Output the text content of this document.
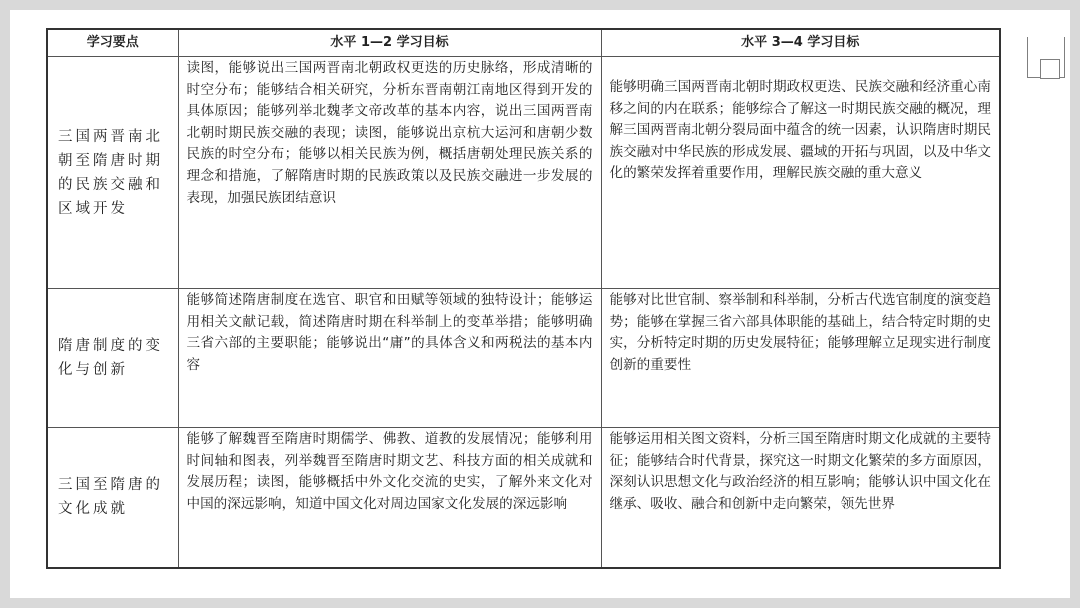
学习要点	水平 1—2 学习目标	水平 3—4 学习目标
三国两晋南北朝至隋唐时期的民族交融和区域开发	读图，能够说出三国两晋南北朝政权更迭的历史脉络，形成清晰的时空分布；能够结合相关研究，分析东晋南朝江南地区得到开发的具体原因；能够列举北魏孝文帝改革的基本内容，说出三国两晋南北朝时期民族交融的表现；读图，能够说出京杭大运河和唐朝少数民族的时空分布；能够以相关民族为例，概括唐朝处理民族关系的理念和措施，了解隋唐时期的民族政策以及民族交融进一步发展的表现，加强民族团结意识	能够明确三国两晋南北朝时期政权更迭、民族交融和经济重心南移之间的内在联系；能够综合了解这一时期民族交融的概况，理解三国两晋南北朝分裂局面中蕴含的统一因素，认识隋唐时期民族交融对中华民族的形成发展、疆域的开拓与巩固，以及中华文化的繁荣发挥着重要作用，理解民族交融的重大意义
隋唐制度的变化与创新	能够简述隋唐制度在选官、职官和田赋等领域的独特设计；能够运用相关文献记载，简述隋唐时期在科举制上的变革举措；能够明确三省六部的主要职能；能够说出“庸”的具体含义和两税法的基本内容	能够对比世官制、察举制和科举制，分析古代选官制度的演变趋势；能够在掌握三省六部具体职能的基础上，结合特定时期的史实，分析特定时期的历史发展特征；能够理解立足现实进行制度创新的重要性
三国至隋唐的文化成就	能够了解魏晋至隋唐时期儒学、佛教、道教的发展情况；能够利用时间轴和图表，列举魏晋至隋唐时期文艺、科技方面的相关成就和发展历程；读图，能够概括中外文化交流的史实，了解外来文化对中国的深远影响，知道中国文化对周边国家文化发展的深远影响	能够运用相关图文资料，分析三国至隋唐时期文化成就的主要特征；能够结合时代背景，探究这一时期文化繁荣的多方面原因，深刻认识思想文化与政治经济的相互影响；能够认识中国文化在继承、吸收、融合和创新中走向繁荣，领先世界
